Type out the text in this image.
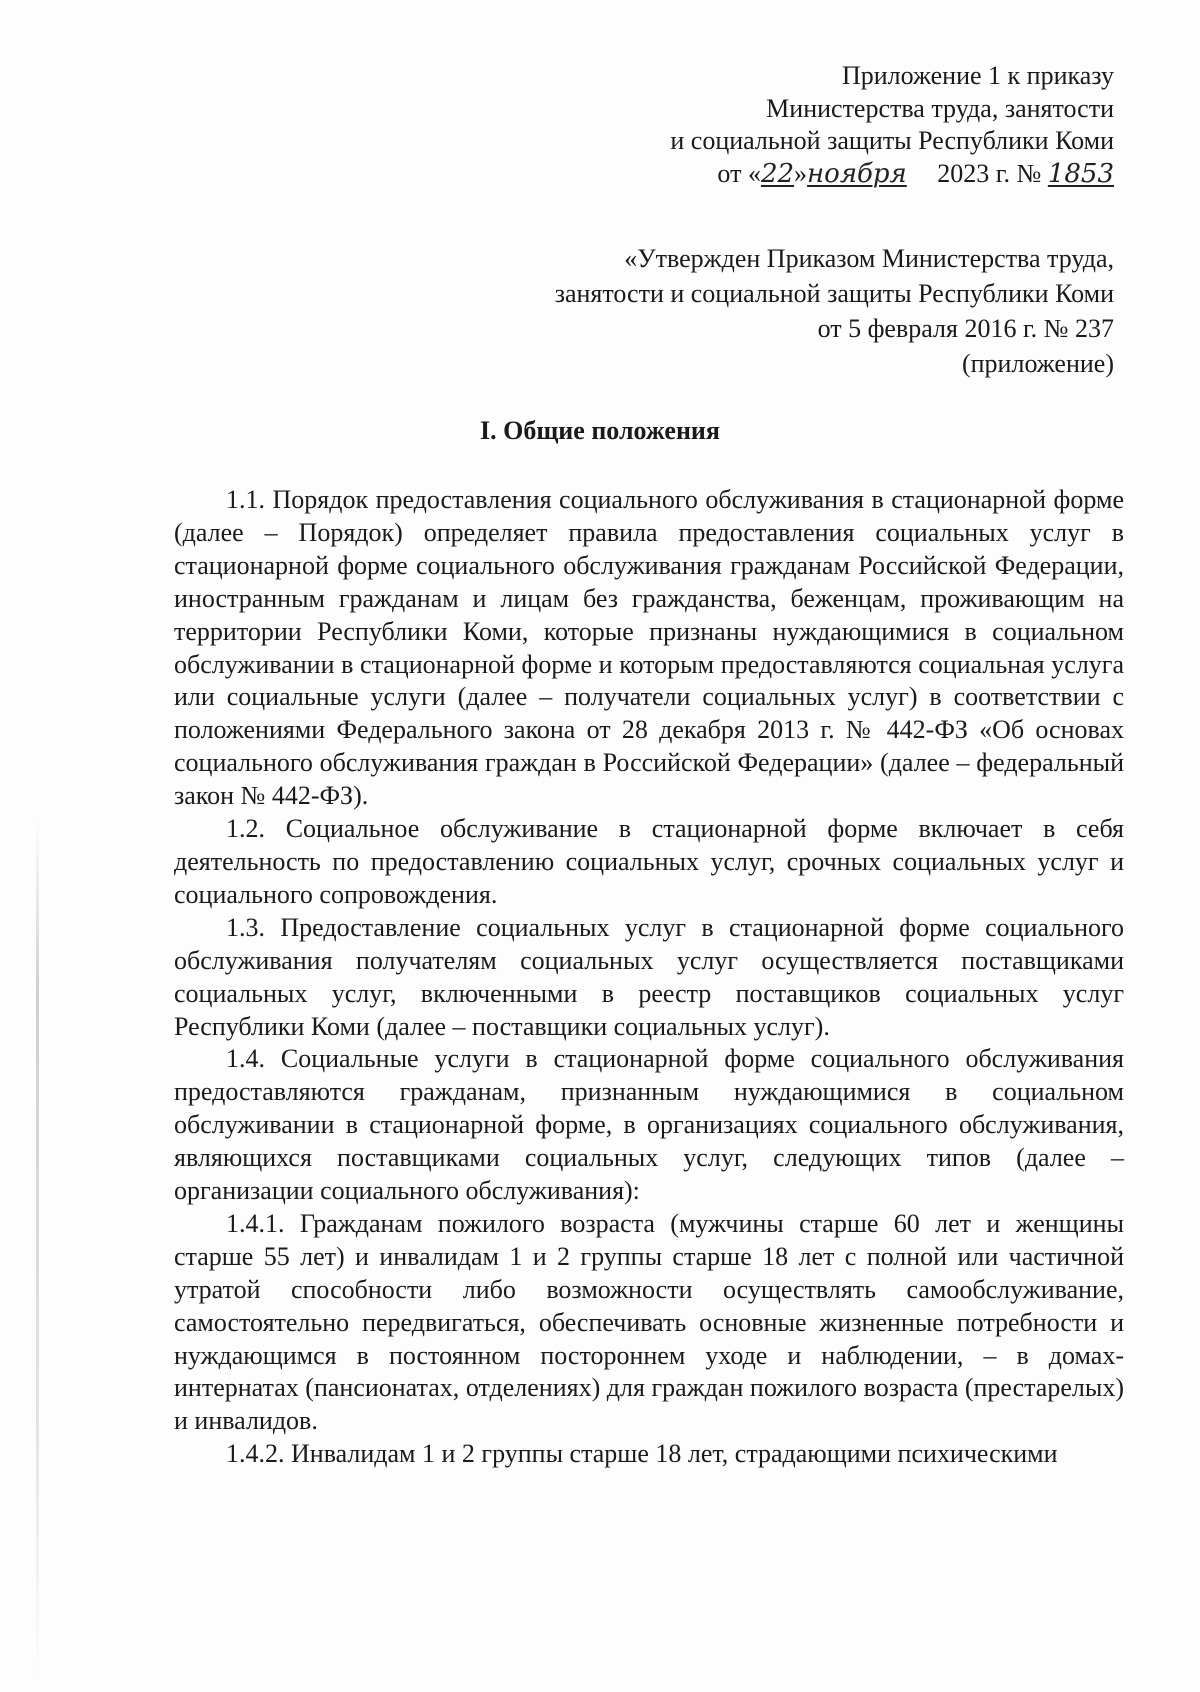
Приложение 1 к приказу
Министерства труда, занятости
и социальной защиты Республики Коми
от «22»ноября 2023 г. № 1853
«Утвержден Приказом Министерства труда,
занятости и социальной защиты Республики Коми
от 5 февраля 2016 г. № 237
(приложение)
I. Общие положения

1.1. Порядок предоставления социального обслуживания в стационарной форме (далее – Порядок) определяет правила предоставления социальных услуг в стационарной форме социального обслуживания гражданам Российской Федерации, иностранным гражданам и лицам без гражданства, беженцам, проживающим на территории Республики Коми, которые признаны нуждающимися в социальном обслуживании в стационарной форме и которым предоставляются социальная услуга или социальные услуги (далее – получатели социальных услуг) в соответствии с положениями Федерального закона от 28 декабря 2013 г. № 442-ФЗ «Об основах социального обслуживания граждан в Российской Федерации» (далее – федеральный закон № 442-ФЗ).

1.2. Социальное обслуживание в стационарной форме включает в себя деятельность по предоставлению социальных услуг, срочных социальных услуг и социального сопровождения.

1.3. Предоставление социальных услуг в стационарной форме социального обслуживания получателям социальных услуг осуществляется поставщиками социальных услуг, включенными в реестр поставщиков социальных услуг Республики Коми (далее – поставщики социальных услуг).

1.4. Социальные услуги в стационарной форме социального обслуживания предоставляются гражданам, признанным нуждающимися в социальном обслуживании в стационарной форме, в организациях социального обслуживания, являющихся поставщиками социальных услуг, следующих типов (далее – организации социального обслуживания):

1.4.1. Гражданам пожилого возраста (мужчины старше 60 лет и женщины старше 55 лет) и инвалидам 1 и 2 группы старше 18 лет с полной или частичной утратой способности либо возможности осуществлять самообслуживание, самостоятельно передвигаться, обеспечивать основные жизненные потребности и нуждающимся в постоянном постороннем уходе и наблюдении, – в домах-интернатах (пансионатах, отделениях) для граждан пожилого возраста (престарелых) и инвалидов.

1.4.2. Инвалидам 1 и 2 группы старше 18 лет, страдающими психическими
